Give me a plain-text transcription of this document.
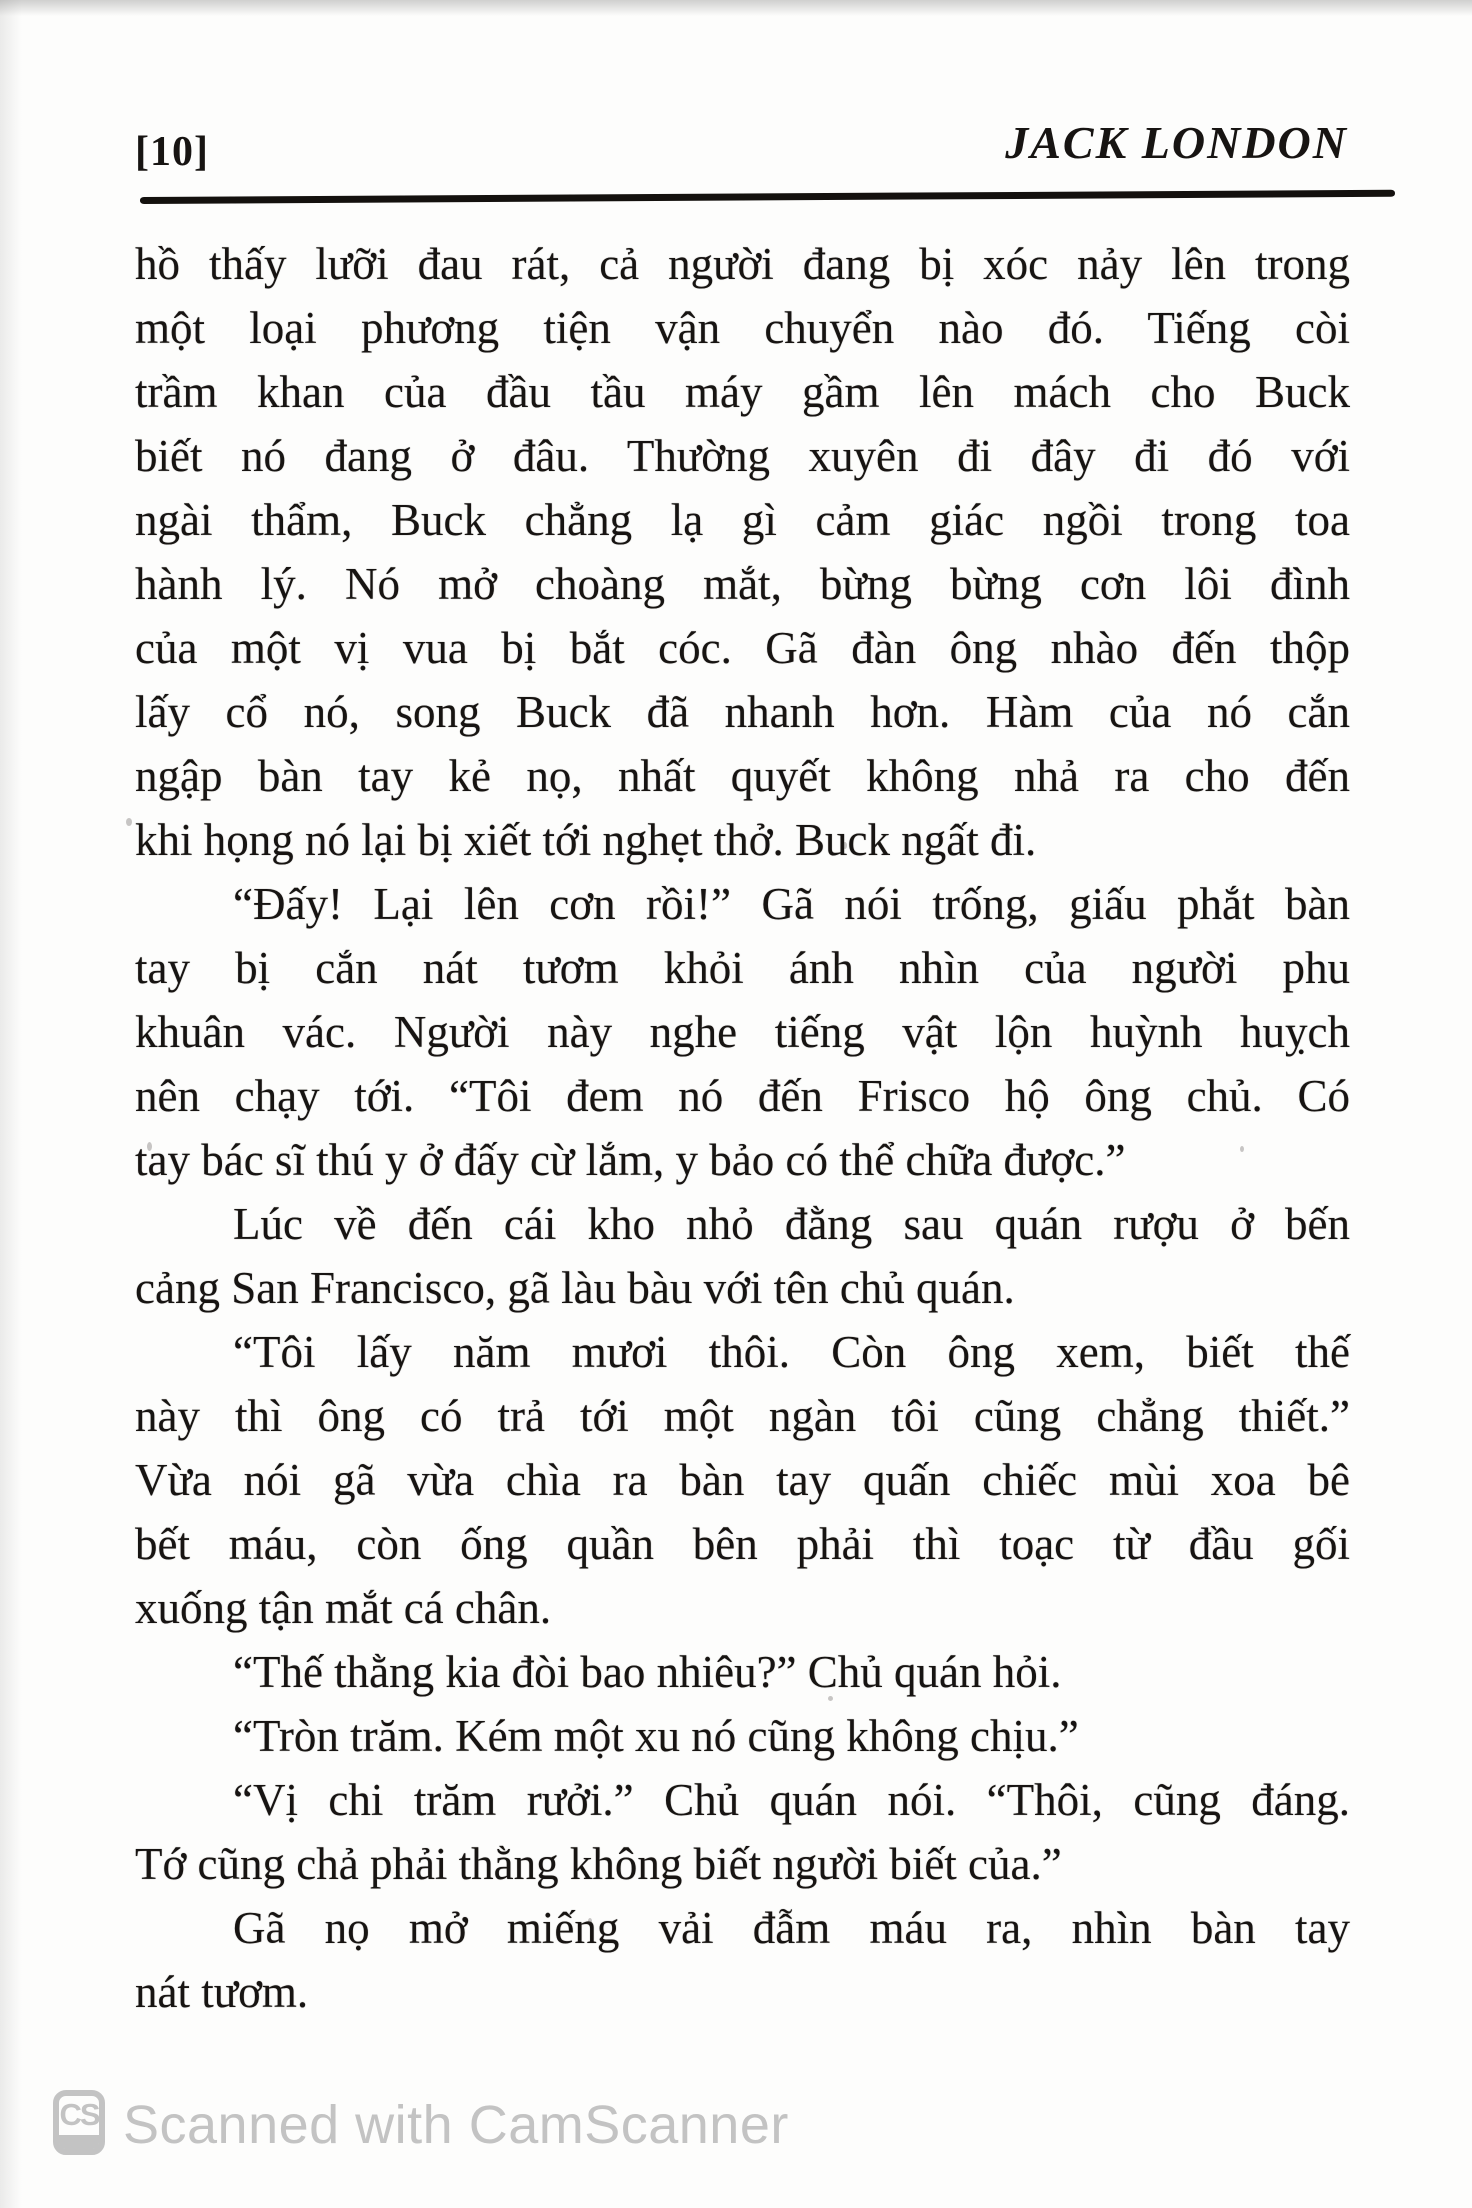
[10]	JACK LONDON
hồ thấy lưỡi đau rát, cả người đang bị xóc nảy lên trong
một loại phương tiện vận chuyển nào đó. Tiếng còi
trầm khan của đầu tầu máy gầm lên mách cho Buck
biết nó đang ở đâu. Thường xuyên đi đây đi đó với
ngài thẩm, Buck chẳng lạ gì cảm giác ngồi trong toa
hành lý. Nó mở choàng mắt, bừng bừng cơn lôi đình
của một vị vua bị bắt cóc. Gã đàn ông nhào đến thộp
lấy cổ nó, song Buck đã nhanh hơn. Hàm của nó cắn
ngập bàn tay kẻ nọ, nhất quyết không nhả ra cho đến
khi họng nó lại bị xiết tới nghẹt thở. Buck ngất đi.
“Đấy! Lại lên cơn rồi!” Gã nói trống, giấu phắt bàn
tay bị cắn nát tươm khỏi ánh nhìn của người phu
khuân vác. Người này nghe tiếng vật lộn huỳnh huỵch
nên chạy tới. “Tôi đem nó đến Frisco hộ ông chủ. Có
tay bác sĩ thú y ở đấy cừ lắm, y bảo có thể chữa được.”
Lúc về đến cái kho nhỏ đằng sau quán rượu ở bến
cảng San Francisco, gã làu bàu với tên chủ quán.
“Tôi lấy năm mươi thôi. Còn ông xem, biết thế
này thì ông có trả tới một ngàn tôi cũng chẳng thiết.”
Vừa nói gã vừa chìa ra bàn tay quấn chiếc mùi xoa bê
bết máu, còn ống quần bên phải thì toạc từ đầu gối
xuống tận mắt cá chân.
“Thế thằng kia đòi bao nhiêu?” Chủ quán hỏi.
“Tròn trăm. Kém một xu nó cũng không chịu.”
“Vị chi trăm rưởi.” Chủ quán nói. “Thôi, cũng đáng.
Tớ cũng chả phải thằng không biết người biết của.”
Gã nọ mở miếng vải đẫm máu ra, nhìn bàn tay
nát tươm.
CS Scanned with CamScanner
